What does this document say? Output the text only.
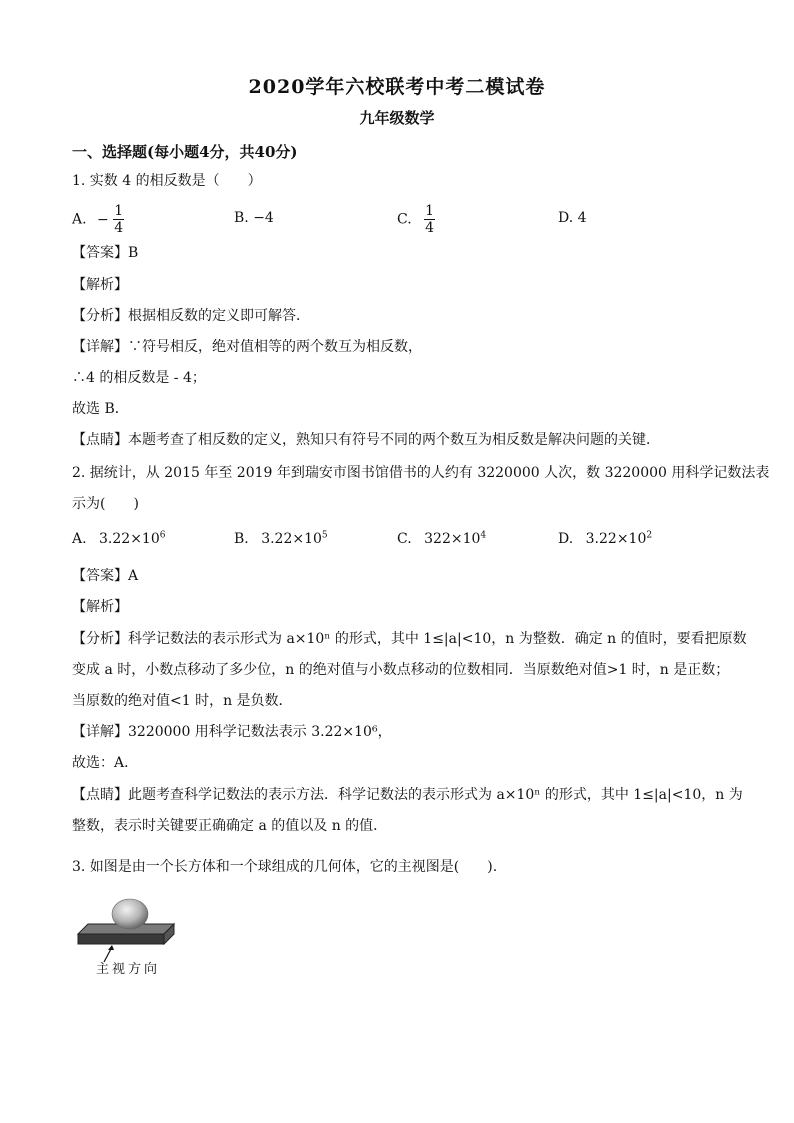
2020学年六校联考中考二模试卷
九年级数学
一、选择题(每小题4分，共40分)
1. 实数 4 的相反数是（　　）
A. − $\frac{1}{4}$	B. −4	C. $\frac{1}{4}$	D. 4
【答案】B
【解析】
【分析】根据相反数的定义即可解答．
【详解】∵符号相反，绝对值相等的两个数互为相反数，
∴4 的相反数是 - 4；
故选 B．
【点睛】本题考查了相反数的定义，熟知只有符号不同的两个数互为相反数是解决问题的关键．
2. 据统计，从 2015 年至 2019 年到瑞安市图书馆借书的人约有 3220000 人次，数 3220000 用科学记数法表
示为(　　)
A. $3.22\times 10^6$	B. $3.22\times 10^5$	C. $322\times 10^4$	D. $3.22\times 10^2$
【答案】A
【解析】
【分析】科学记数法的表示形式为 a×10ⁿ 的形式，其中 1≤|a|<10，n 为整数．确定 n 的值时，要看把原数
变成 a 时，小数点移动了多少位，n 的绝对值与小数点移动的位数相同．当原数绝对值>1 时，n 是正数；
当原数的绝对值<1 时，n 是负数．
【详解】3220000 用科学记数法表示 3.22×10⁶，
故选：A．
【点睛】此题考查科学记数法的表示方法．科学记数法的表示形式为 a×10ⁿ 的形式，其中 1≤|a|<10，n 为
整数，表示时关键要正确确定 a 的值以及 n 的值．
3. 如图是由一个长方体和一个球组成的几何体，它的主视图是(　　).
主视方向
